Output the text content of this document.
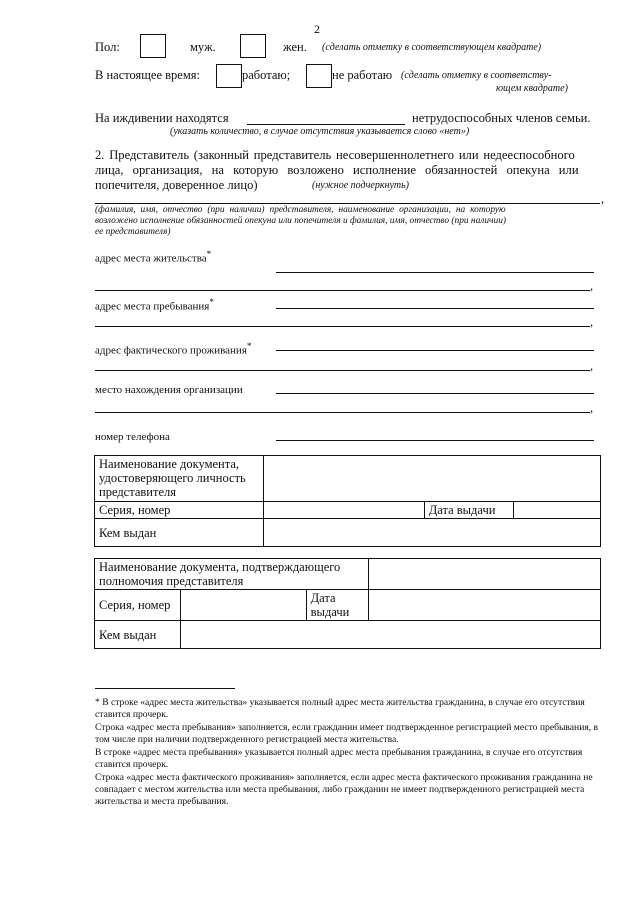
2
Пол:	муж.	жен. (сделать отметку в соответствующем квадрате)
В настоящее время:	работаю;	не работаю (сделать отметку в соответству-
ющем квадрате)
На иждивении находятся	нетрудоспособных членов семьи.
(указать количество, в случае отсутствия указывается слово «нет»)
2. Представитель (законный представитель несовершеннолетнего или недееспособного
лица, организация, на которую возложено исполнение обязанностей опекуна или
попечителя, доверенное лицо)	(нужное подчеркнуть)
,
(фамилия, имя, отчество (при наличии) представителя, наименование организации, на которую
возложено исполнение обязанностей опекуна или попечителя и фамилия, имя, отчество (при наличии)
ее представителя)
адрес места жительства*
,
адрес места пребывания*
,
адрес фактического проживания*
,
место нахождения организации
,
номер телефона
Наименование документа, удостоверяющего личность представителя			
Серия, номер		Дата выдачи	
Кем выдан			
Наименование документа, подтверждающего полномочия представителя			
Серия, номер		Дата выдачи	
Кем выдан			
* В строке «адрес места жительства» указывается полный адрес места жительства гражданина, в случае его отсутствия ставится прочерк.
Строка «адрес места пребывания» заполняется, если гражданин имеет подтвержденное регистрацией место пребывания, в том числе при наличии подтвержденного регистрацией места жительства.
В строке «адрес места пребывания» указывается полный адрес места пребывания гражданина, в случае его отсутствия ставится прочерк.
Строка «адрес места фактического проживания» заполняется, если адрес места фактического проживания гражданина не совпадает с местом жительства или места пребывания, либо гражданин не имеет подтвержденного регистрацией места жительства и места пребывания.
